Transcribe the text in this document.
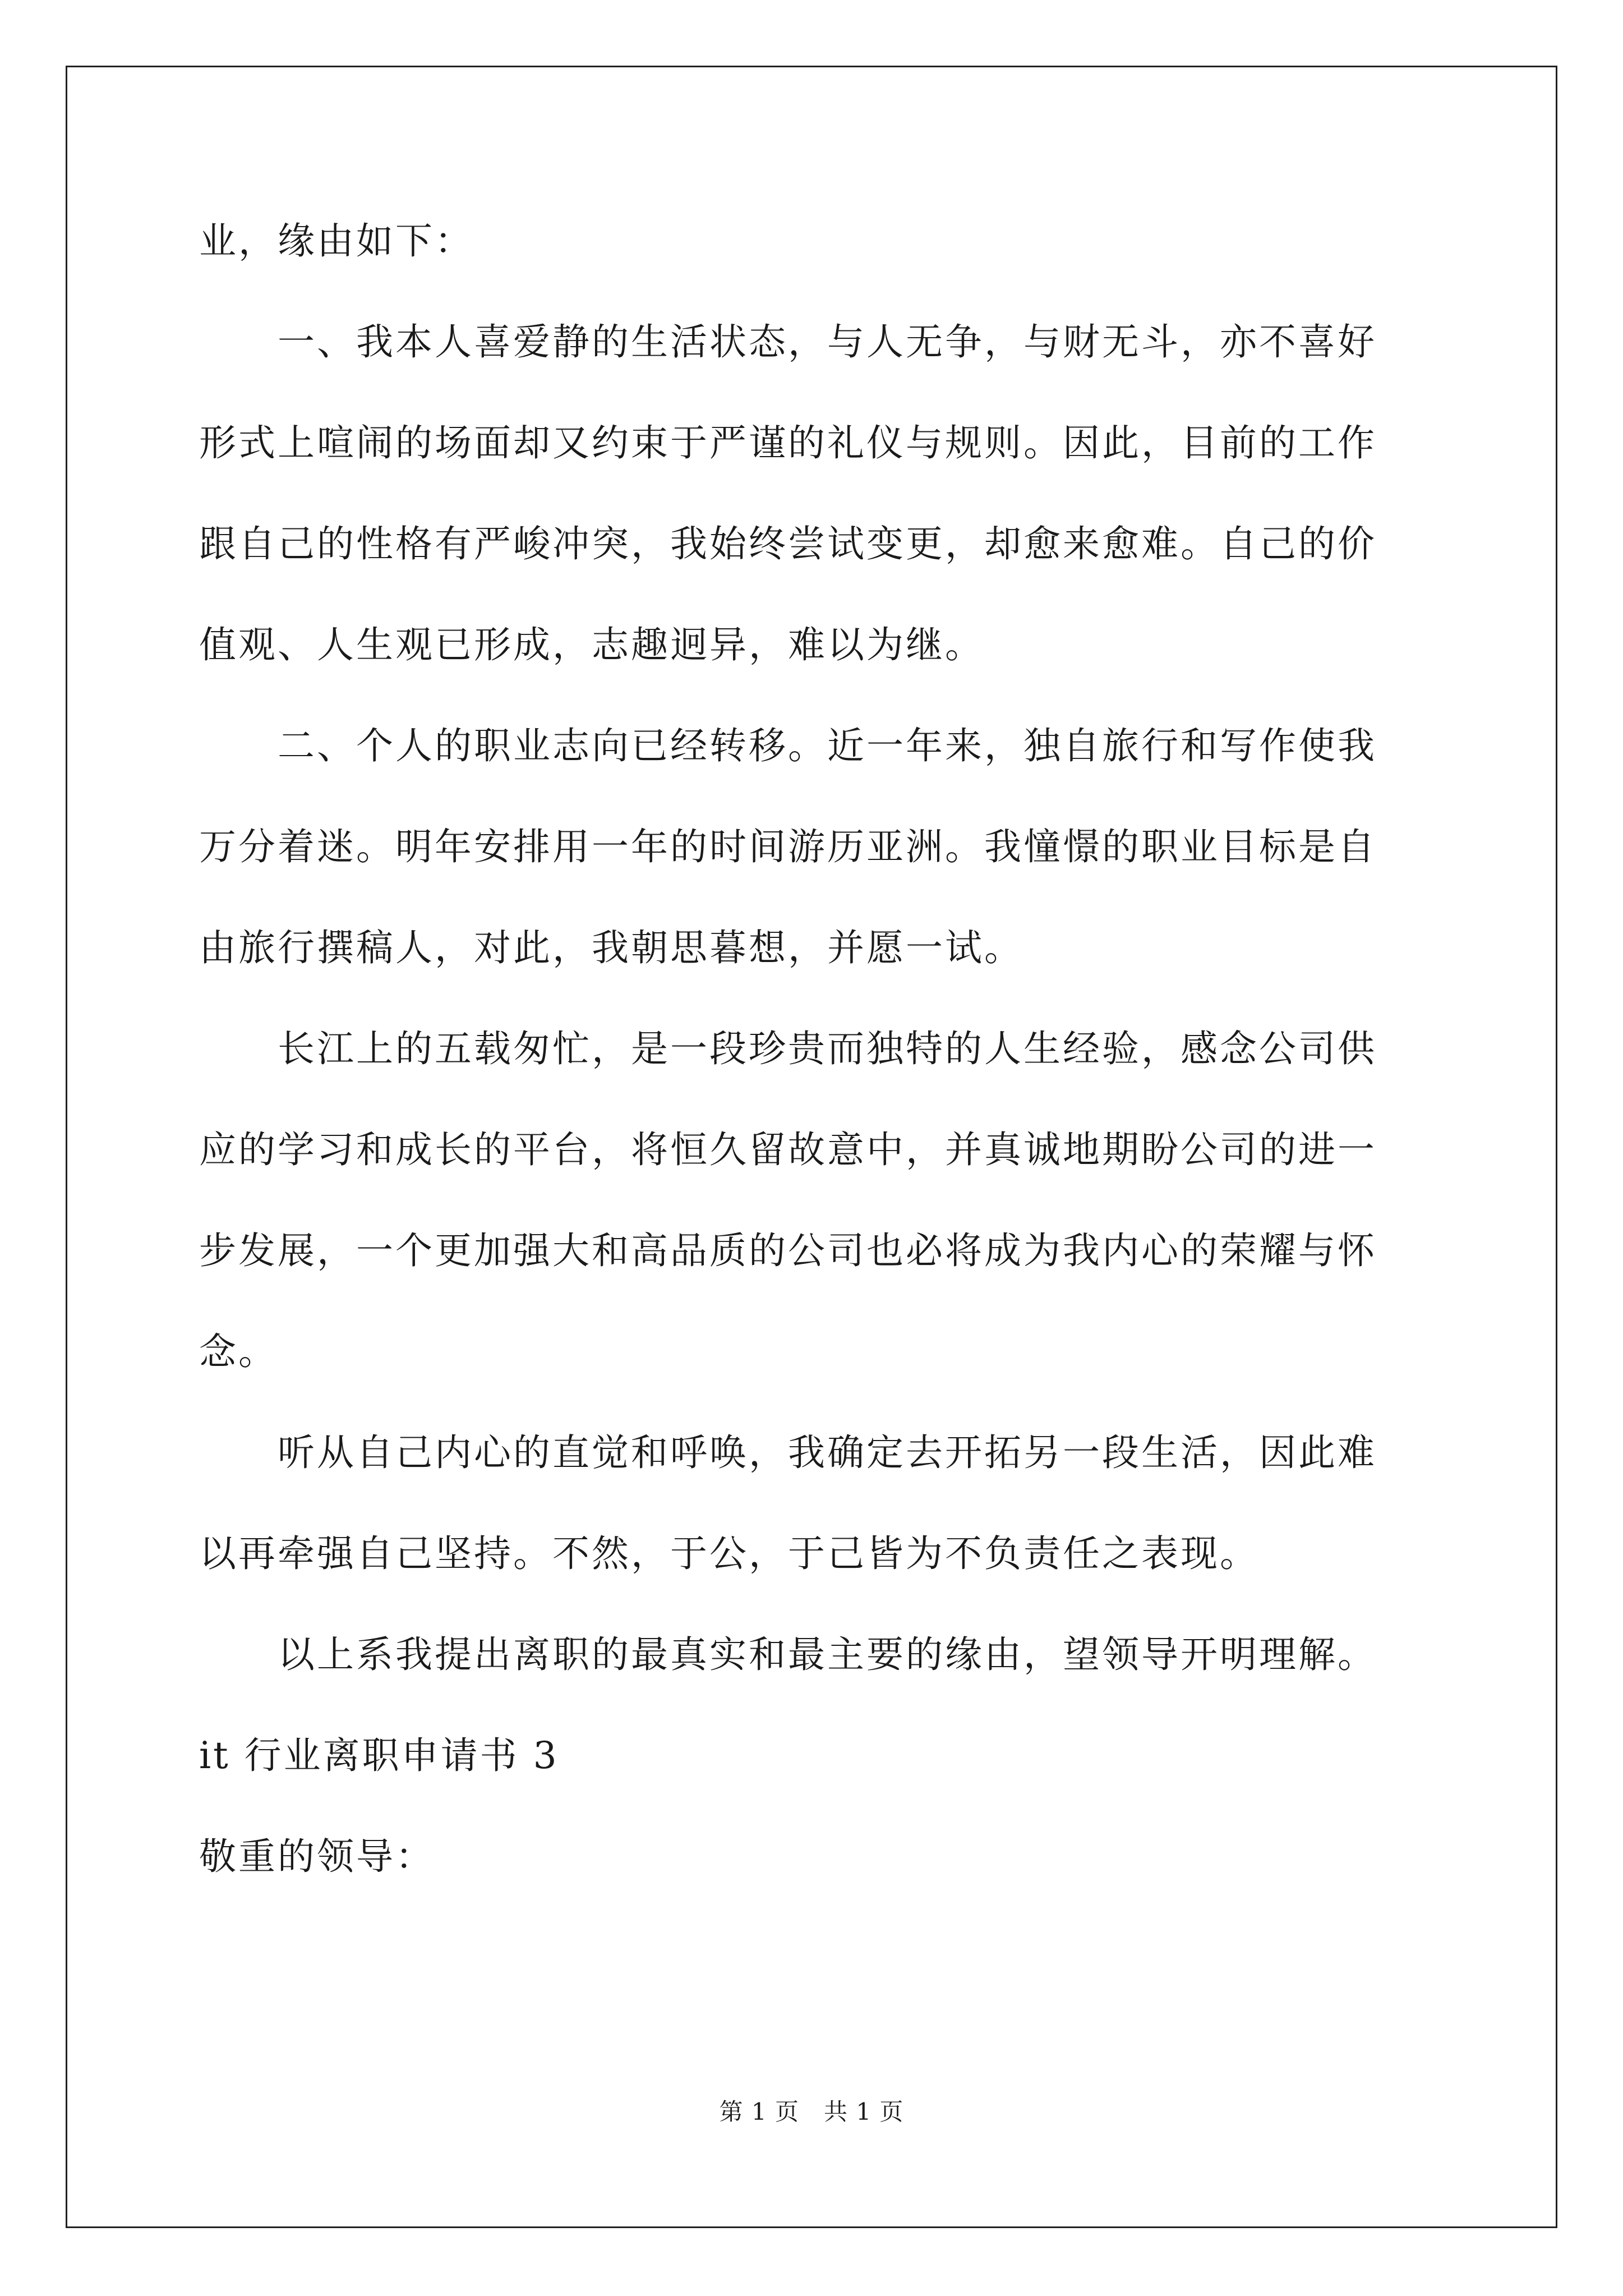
业，缘由如下：
一、我本人喜爱静的生活状态，与人无争，与财无斗，亦不喜好
形式上喧闹的场面却又约束于严谨的礼仪与规则。因此，目前的工作
跟自己的性格有严峻冲突，我始终尝试变更，却愈来愈难。自己的价
值观、人生观已形成，志趣迥异，难以为继。
二、个人的职业志向已经转移。近一年来，独自旅行和写作使我
万分着迷。明年安排用一年的时间游历亚洲。我憧憬的职业目标是自
由旅行撰稿人，对此，我朝思暮想，并愿一试。
长江上的五载匆忙，是一段珍贵而独特的人生经验，感念公司供
应的学习和成长的平台，将恒久留故意中，并真诚地期盼公司的进一
步发展，一个更加强大和高品质的公司也必将成为我内心的荣耀与怀
念。
听从自己内心的直觉和呼唤，我确定去开拓另一段生活，因此难
以再牵强自己坚持。不然，于公，于己皆为不负责任之表现。
以上系我提出离职的最真实和最主要的缘由，望领导开明理解。
it 行业离职申请书 3
敬重的领导：
第 1 页 共 1 页
